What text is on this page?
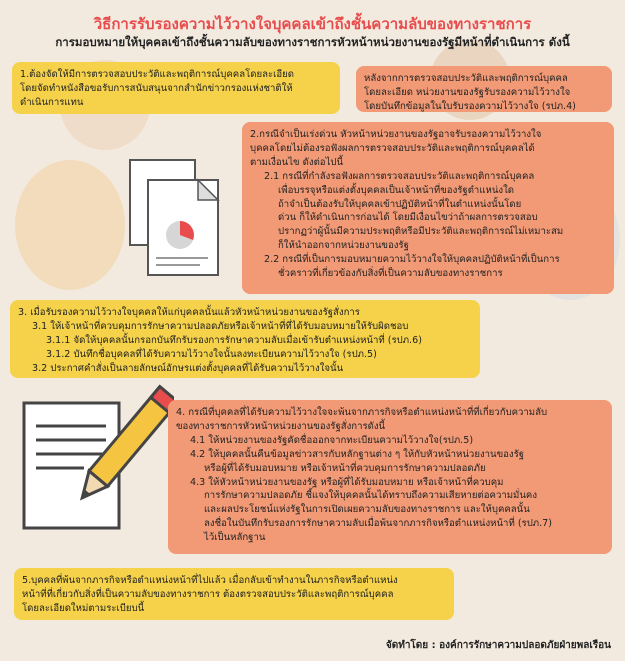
วิธีการรับรองความไว้วางใจบุคคลเข้าถึงชั้นความลับของทางราชการ
การมอบหมายให้บุคคลเข้าถึงชั้นความลับของทางราชการหัวหน้าหน่วยงานของรัฐมีหน้าที่ดำเนินการ ดังนี้

1.ต้องจัดให้มีการตรวจสอบประวัติและพฤติการณ์บุคคลโดยละเอียด

โดยจัดทำหนังสือขอรับการสนับสนุนจากสำนักข่าวกรองแห่งชาติให้

ดำเนินการแทน

หลังจากการตรวจสอบประวัติและพฤติการณ์บุคคล

โดยละเอียด หน่วยงานของรัฐรับรองความไว้วางใจ

โดยบันทึกข้อมูลในใบรับรองความไว้วางใจ (รปภ.4)

2.กรณีจำเป็นเร่งด่วน หัวหน้าหน่วยงานของรัฐอาจรับรองความไว้วางใจ

บุคคลโดยไม่ต้องรอฟังผลการตรวจสอบประวัติและพฤติการณ์บุคคลได้

ตามเงื่อนไข ดังต่อไปนี้

2.1 กรณีที่กำลังรอฟังผลการตรวจสอบประวัติและพฤติการณ์บุคคล

เพื่อบรรจุหรือแต่งตั้งบุคคลเป็นเจ้าหน้าที่ของรัฐตำแหน่งใด

ถ้าจำเป็นต้องรับให้บุคคลเข้าปฏิบัติหน้าที่ในตำแหน่งนั้นโดย

ด่วน ก็ให้ดำเนินการก่อนได้ โดยมีเงื่อนไขว่าถ้าผลการตรวจสอบ

ปรากฏว่าผู้นั้นมีความประพฤติหรือมีประวัติและพฤติการณ์ไม่เหมาะสม

ก็ให้นำออกจากหน่วยงานของรัฐ

2.2 กรณีที่เป็นการมอบหมายความไว้วางใจให้บุคคลปฏิบัติหน้าที่เป็นการ

ชั่วคราวที่เกี่ยวข้องกับสิ่งที่เป็นความลับของทางราชการ

3. เมื่อรับรองความไว้วางใจบุคคลให้แก่บุคคลนั้นแล้วหัวหน้าหน่วยงานของรัฐสั่งการ

3.1 ให้เจ้าหน้าที่ควบคุมการรักษาความปลอดภัยหรือเจ้าหน้าที่ที่ได้รับมอบหมายให้รับผิดชอบ

3.1.1 จัดให้บุคคลนั้นกรอกบันทึกรับรองการรักษาความลับเมื่อเข้ารับตำแหน่งหน้าที่ (รปภ.6)

3.1.2 บันทึกชื่อบุคคลที่ได้รับความไว้วางใจนั้นลงทะเบียนความไว้วางใจ (รปภ.5)

3.2 ประกาศคำสั่งเป็นลายลักษณ์อักษรแต่งตั้งบุคคลที่ได้รับความไว้วางใจนั้น

4. กรณีที่บุคคลที่ได้รับความไว้วางใจจะพ้นจากภารกิจหรือตำแหน่งหน้าที่ที่เกี่ยวกับความลับ

ของทางราชการหัวหน้าหน่วยงานของรัฐสั่งการดังนี้

4.1 ให้หน่วยงานของรัฐคัดชื่อออกจากทะเบียนความไว้วางใจ(รปภ.5)

4.2 ให้บุคคลนั้นคืนข้อมูลข่าวสารกับหลักฐานต่าง ๆ ให้กับหัวหน้าหน่วยงานของรัฐ

หรือผู้ที่ได้รับมอบหมาย หรือเจ้าหน้าที่ควบคุมการรักษาความปลอดภัย

4.3 ให้หัวหน้าหน่วยงานของรัฐ หรือผู้ที่ได้รับมอบหมาย หรือเจ้าหน้าที่ควบคุม

การรักษาความปลอดภัย ชี้แจงให้บุคคลนั้นได้ทราบถึงความเสียหายต่อความมั่นคง

และผลประโยชน์แห่งรัฐในการเปิดเผยความลับของทางราชการ และให้บุคคลนั้น

ลงชื่อในบันทึกรับรองการรักษาความลับเมื่อพ้นจากภารกิจหรือตำแหน่งหน้าที่ (รปภ.7)

ไว้เป็นหลักฐาน

5.บุคคลที่พ้นจากภารกิจหรือตำแหน่งหน้าที่ไปแล้ว เมื่อกลับเข้าทำงานในภารกิจหรือตำแหน่ง

หน้าที่ที่เกี่ยวกับสิ่งที่เป็นความลับของทางราชการ ต้องตรวจสอบประวัติและพฤติการณ์บุคคล

โดยละเอียดใหม่ตามระเบียบนี้

จัดทำโดย : องค์การรักษาความปลอดภัยฝ่ายพลเรือน
